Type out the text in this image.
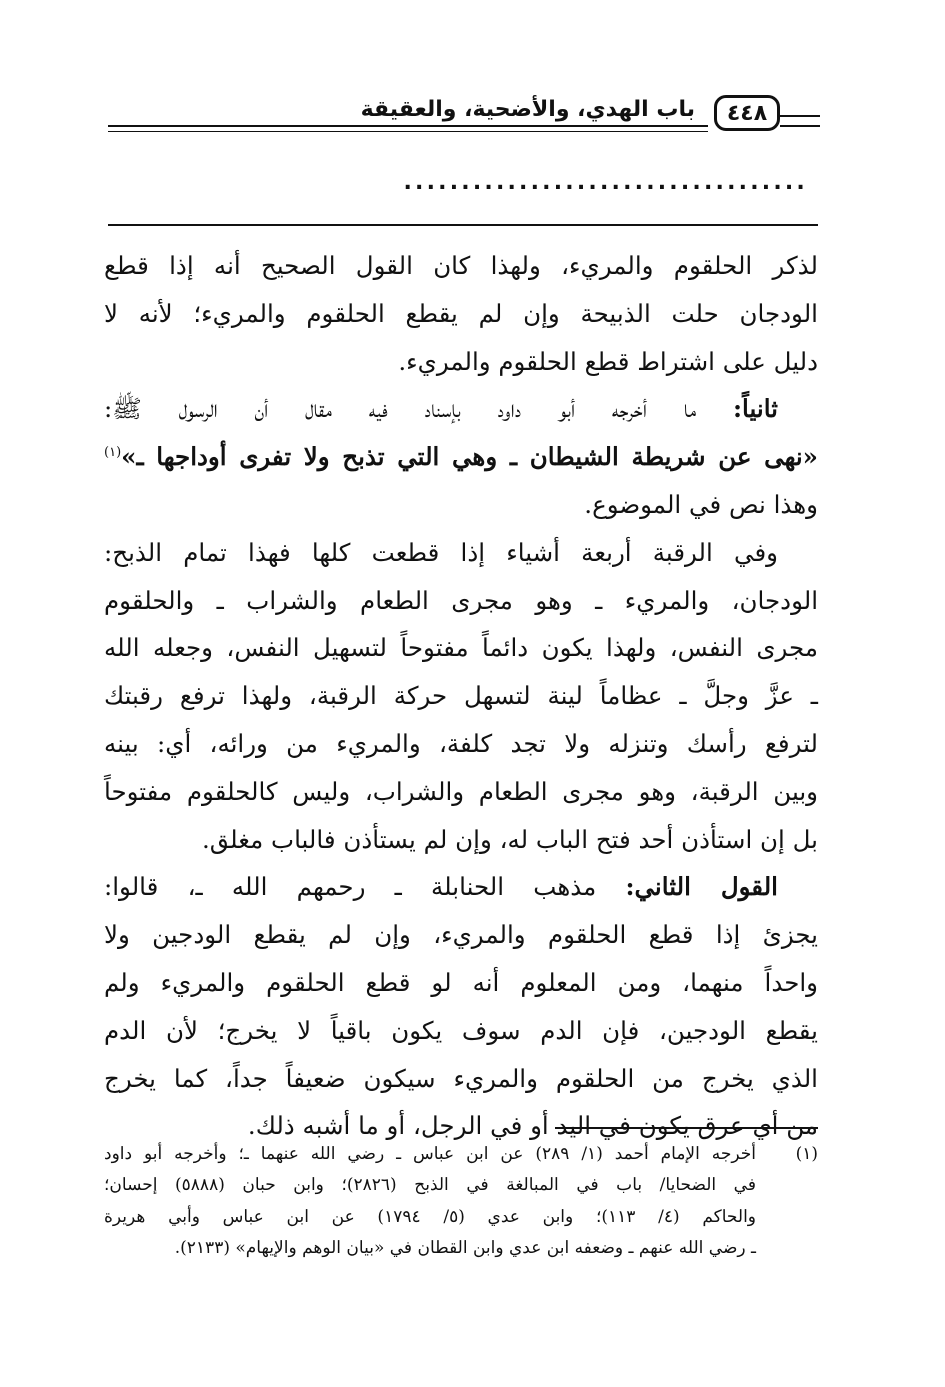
باب الهدي، والأضحية، والعقيقة	٤٤٨
...................................
لذكر الحلقوم والمريء، ولهذا كان القول الصحيح أنه إذا قطع
الودجان حلت الذبيحة وإن لم يقطع الحلقوم والمريء؛ لأنه لا
دليل على اشتراط قطع الحلقوم والمريء.
ثانياً: ما أخرجه أبو داود بإسناد فيه مقال أن الرسول ﷺ:
«نهى عن شريطة الشيطان ـ وهي التي تذبح ولا تفرى أوداجها ـ»$^{(١)}$
وهذا نص في الموضوع.
وفي الرقبة أربعة أشياء إذا قطعت كلها فهذا تمام الذبح:
الودجان، والمريء ـ وهو مجرى الطعام والشراب ـ والحلقوم
مجرى النفس، ولهذا يكون دائماً مفتوحاً لتسهيل النفس، وجعله الله
ـ عزَّ وجلَّ ـ عظاماً لينة لتسهل حركة الرقبة، ولهذا ترفع رقبتك
لترفع رأسك وتنزله ولا تجد كلفة، والمريء من ورائه، أي: بينه
وبين الرقبة، وهو مجرى الطعام والشراب، وليس كالحلقوم مفتوحاً
بل إن استأذن أحد فتح الباب له، وإن لم يستأذن فالباب مغلق.
القول الثاني: مذهب الحنابلة ـ رحمهم الله ـ، قالوا:
يجزئ إذا قطع الحلقوم والمريء، وإن لم يقطع الودجين ولا
واحداً منهما، ومن المعلوم أنه لو قطع الحلقوم والمريء ولم
يقطع الودجين، فإن الدم سوف يكون باقياً لا يخرج؛ لأن الدم
الذي يخرج من الحلقوم والمريء سيكون ضعيفاً جداً، كما يخرج
من أي عرق يكون في اليد أو في الرجل، أو ما أشبه ذلك.
(١)
أخرجه الإمام أحمد (١/ ٢٨٩) عن ابن عباس ـ رضي الله عنهما ـ؛ وأخرجه أبو داود
في الضحايا/ باب في المبالغة في الذبح (٢٨٢٦)؛ وابن حبان (٥٨٨٨) إحسان؛
والحاكم (٤/ ١١٣)؛ وابن عدي (٥/ ١٧٩٤) عن ابن عباس وأبي هريرة
ـ رضي الله عنهم ـ وضعفه ابن عدي وابن القطان في «بيان الوهم والإيهام» (٢١٣٣).
